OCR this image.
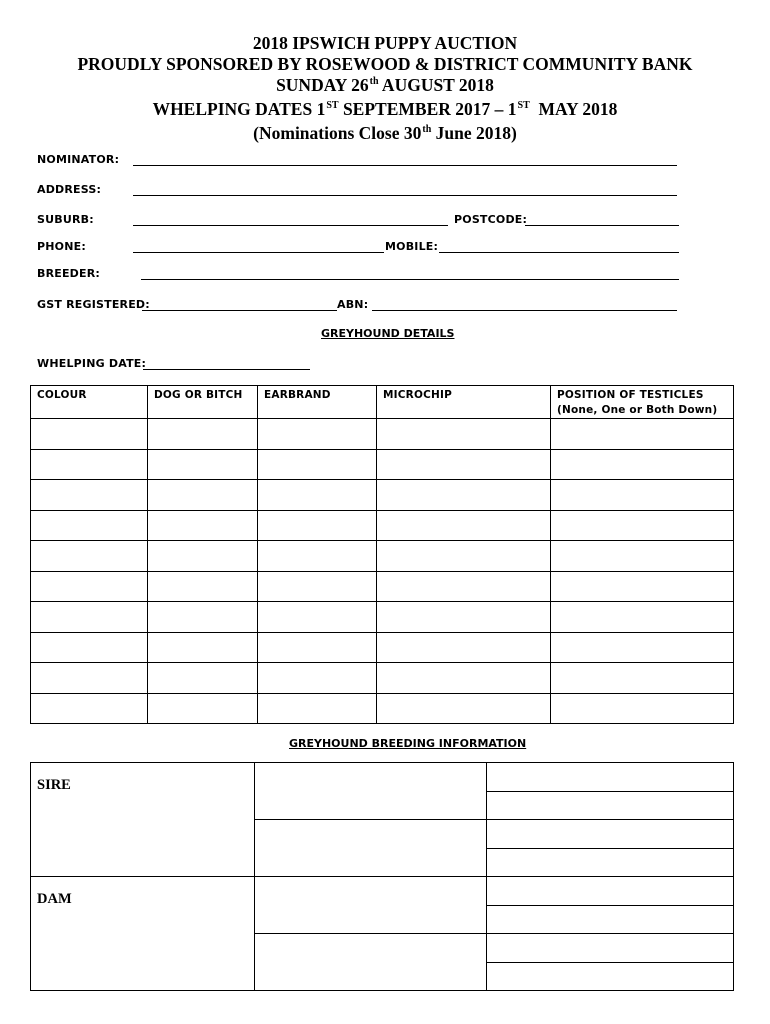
2018 IPSWICH PUPPY AUCTION
PROUDLY SPONSORED BY ROSEWOOD & DISTRICT COMMUNITY BANK
SUNDAY 26th AUGUST 2018
WHELPING DATES 1ST SEPTEMBER 2017 – 1ST  MAY 2018
(Nominations Close 30th June 2018)
NOMINATOR:
ADDRESS:
SUBURB:	POSTCODE:
PHONE:	MOBILE:
BREEDER:
GST REGISTERED:	ABN:
GREYHOUND DETAILS
WHELPING DATE:
COLOUR	DOG OR BITCH	EARBRAND	MICROCHIP	POSITION OF TESTICLES
(None, One or Both Down)

GREYHOUND BREEDING INFORMATION
SIRE		

DAM		
